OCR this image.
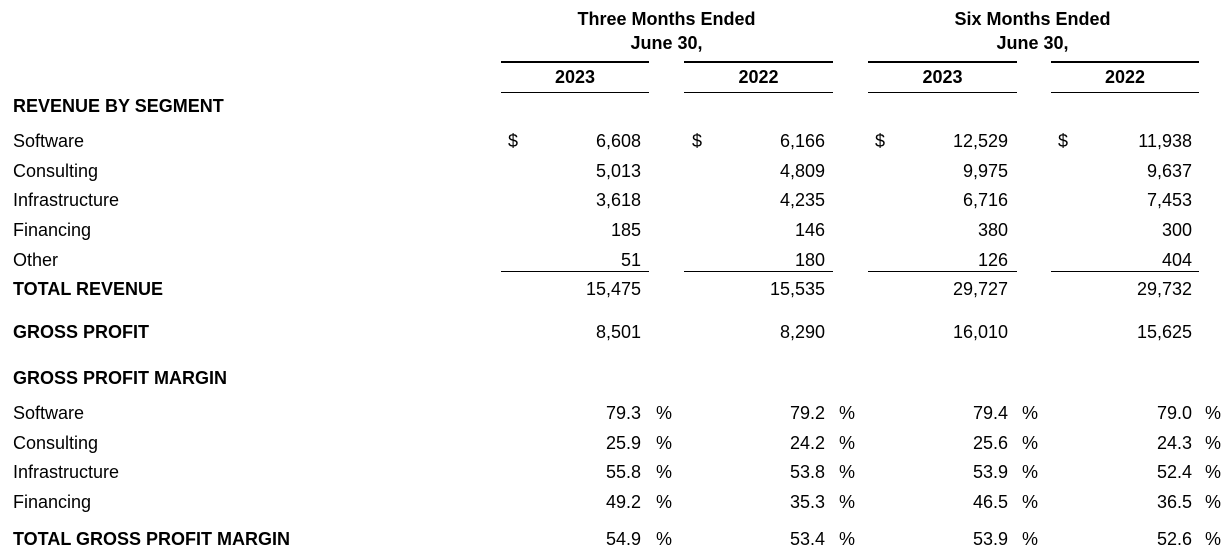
Three Months Ended
June 30,
Six Months Ended
June 30,
2023	2022	2023	2022
REVENUE BY SEGMENT
Software	$	6,608	$	6,166	$	12,529	$	11,938
Consulting	5,013	4,809	9,975	9,637
Infrastructure	3,618	4,235	6,716	7,453
Financing	185	146	380	300
Other	51	180	126	404
TOTAL REVENUE	15,475	15,535	29,727	29,732
GROSS PROFIT	8,501	8,290	16,010	15,625
GROSS PROFIT MARGIN
Software	79.3 %	79.2 %	79.4 %	79.0 %
Consulting	25.9 %	24.2 %	25.6 %	24.3 %
Infrastructure	55.8 %	53.8 %	53.9 %	52.4 %
Financing	49.2 %	35.3 %	46.5 %	36.5 %
TOTAL GROSS PROFIT MARGIN	54.9 %	53.4 %	53.9 %	52.6 %
